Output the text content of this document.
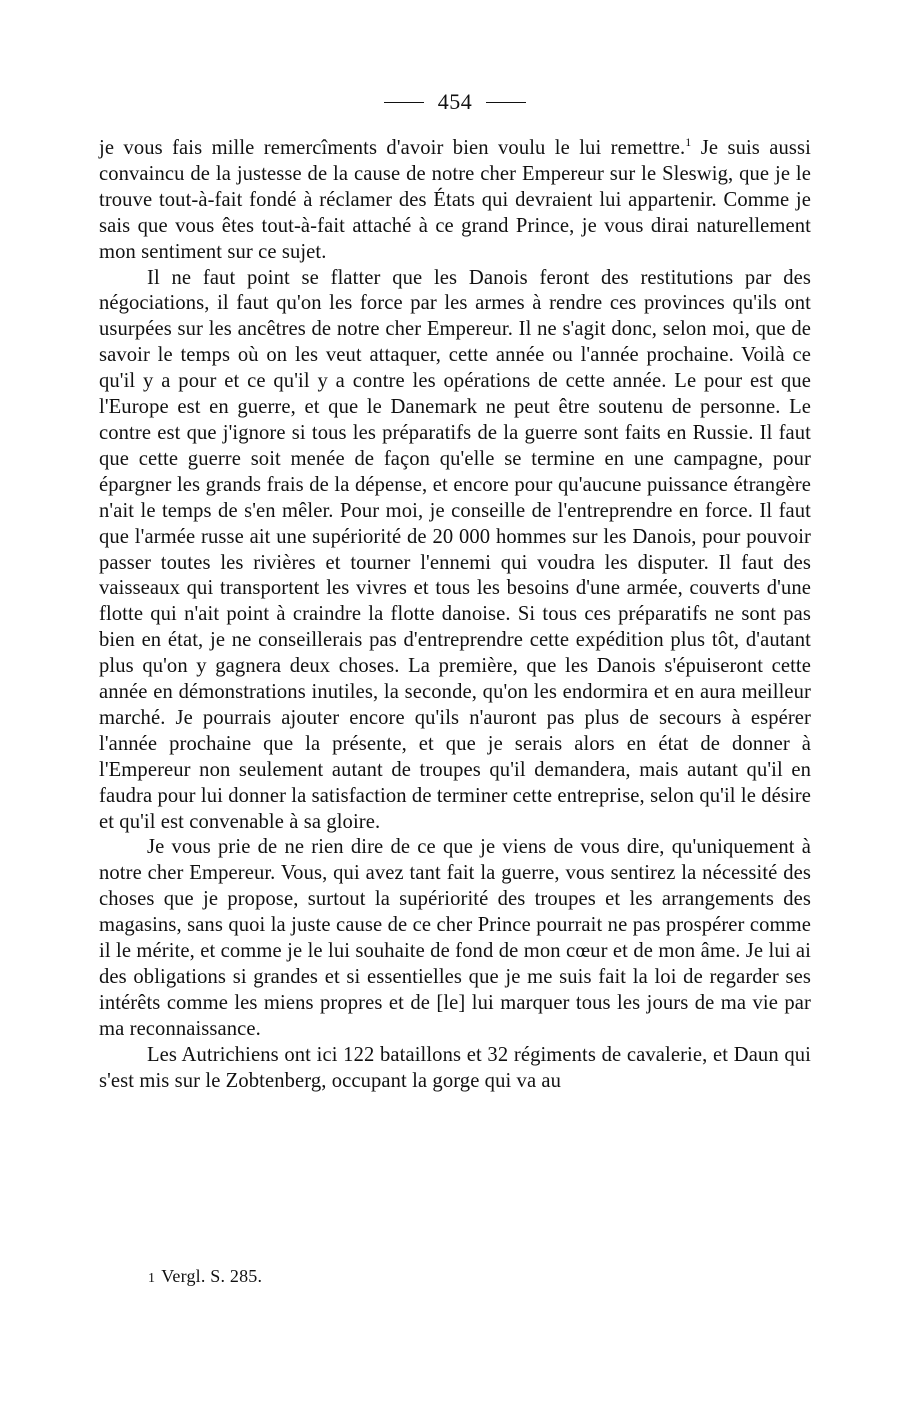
454

je vous fais mille remercîments d'avoir bien voulu le lui remettre.$^1$ Je suis aussi convaincu de la justesse de la cause de notre cher Empereur sur le Sleswig, que je le trouve tout-à-fait fondé à réclamer des États qui devraient lui appartenir. Comme je sais que vous êtes tout-à-fait attaché à ce grand Prince, je vous dirai naturellement mon sentiment sur ce sujet.

Il ne faut point se flatter que les Danois feront des restitutions par des négociations, il faut qu'on les force par les armes à rendre ces provinces qu'ils ont usurpées sur les ancêtres de notre cher Empereur. Il ne s'agit donc, selon moi, que de savoir le temps où on les veut attaquer, cette année ou l'année prochaine. Voilà ce qu'il y a pour et ce qu'il y a contre les opérations de cette année. Le pour est que l'Europe est en guerre, et que le Danemark ne peut être soutenu de personne. Le contre est que j'ignore si tous les préparatifs de la guerre sont faits en Russie. Il faut que cette guerre soit menée de façon qu'elle se termine en une campagne, pour épargner les grands frais de la dépense, et encore pour qu'aucune puissance étrangère n'ait le temps de s'en mêler. Pour moi, je conseille de l'entreprendre en force. Il faut que l'armée russe ait une supériorité de 20 000 hommes sur les Danois, pour pouvoir passer toutes les rivières et tourner l'ennemi qui voudra les disputer. Il faut des vaisseaux qui transportent les vivres et tous les besoins d'une armée, couverts d'une flotte qui n'ait point à craindre la flotte danoise. Si tous ces préparatifs ne sont pas bien en état, je ne conseillerais pas d'entreprendre cette expédition plus tôt, d'autant plus qu'on y gagnera deux choses. La première, que les Danois s'épuiseront cette année en démonstrations inutiles, la seconde, qu'on les endormira et en aura meilleur marché. Je pourrais ajouter encore qu'ils n'auront pas plus de secours à espérer l'année prochaine que la présente, et que je serais alors en état de donner à l'Empereur non seulement autant de troupes qu'il demandera, mais autant qu'il en faudra pour lui donner la satisfaction de terminer cette entreprise, selon qu'il le désire et qu'il est convenable à sa gloire.

Je vous prie de ne rien dire de ce que je viens de vous dire, qu'uniquement à notre cher Empereur. Vous, qui avez tant fait la guerre, vous sentirez la nécessité des choses que je propose, surtout la supériorité des troupes et les arrangements des magasins, sans quoi la juste cause de ce cher Prince pourrait ne pas prospérer comme il le mérite, et comme je le lui souhaite de fond de mon cœur et de mon âme. Je lui ai des obligations si grandes et si essentielles que je me suis fait la loi de regarder ses intérêts comme les miens propres et de [le] lui marquer tous les jours de ma vie par ma reconnaissance.

Les Autrichiens ont ici 122 bataillons et 32 régiments de cavalerie, et Daun qui s'est mis sur le Zobtenberg, occupant la gorge qui va au

1 Vergl. S. 285.
